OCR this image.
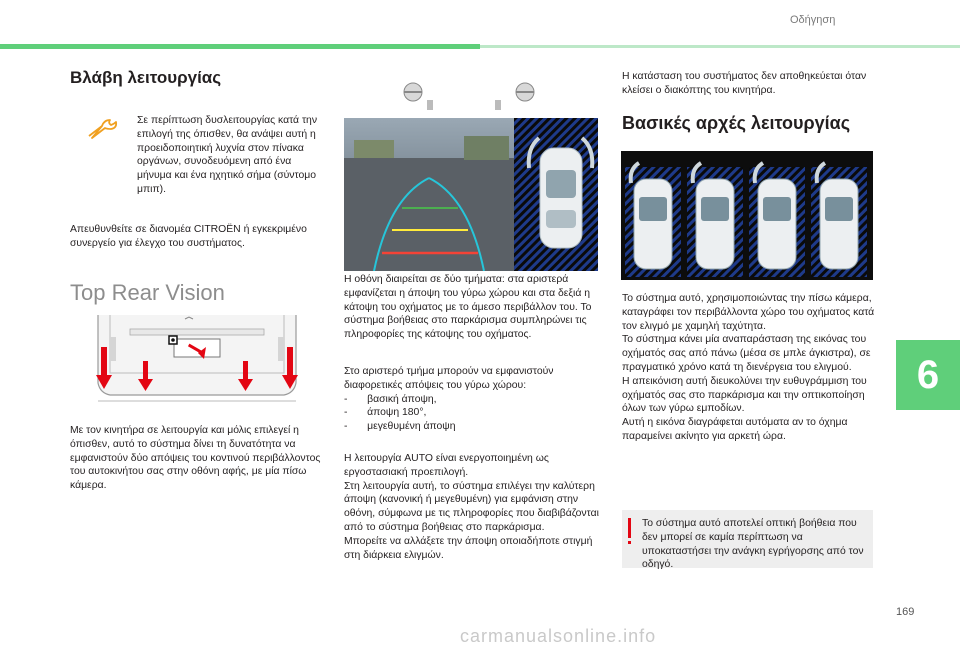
Οδήγηση
Βλάβη λειτουργίας

Σε περίπτωση δυσλειτουργίας κατά την επιλογή της όπισθεν, θα ανάψει αυτή η προειδοποιητική λυχνία στον πίνακα οργάνων, συνοδευόμενη από ένα μήνυμα και ένα ηχητικό σήμα (σύντομο μπιπ).

Απευθυνθείτε σε διανομέα CITROËN ή εγκεκριμένο συνεργείο για έλεγχο του συστήματος.

Top Rear Vision

Με τον κινητήρα σε λειτουργία και μόλις επιλεγεί η όπισθεν, αυτό το σύστημα δίνει τη δυνατότητα να εμφανιστούν δύο απόψεις του κοντινού περιβάλλοντος του αυτοκινήτου σας στην οθόνη αφής, με μία πίσω κάμερα.

Η οθόνη διαιρείται σε δύο τμήματα: στα αριστερά εμφανίζεται η άποψη του γύρω χώρου και στα δεξιά η κάτοψη του οχήματος με το άμεσο περιβάλλον του. Το σύστημα βοήθειας στο παρκάρισμα συμπληρώνει τις πληροφορίες της κάτοψης του οχήματος.

Στο αριστερό τμήμα μπορούν να εμφανιστούν διαφορετικές απόψεις του γύρω χώρου:
-	βασική άποψη,
-	άποψη 180°,
-	μεγεθυμένη άποψη

Η λειτουργία AUTO είναι ενεργοποιημένη ως εργοστασιακή προεπιλογή.
Στη λειτουργία αυτή, το σύστημα επιλέγει την καλύτερη άποψη (κανονική ή μεγεθυμένη) για εμφάνιση στην οθόνη, σύμφωνα με τις πληροφορίες που διαβιβάζονται από το σύστημα βοήθειας στο παρκάρισμα.
Μπορείτε να αλλάξετε την άποψη οποιαδήποτε στιγμή στη διάρκεια ελιγμών.

Η κατάσταση του συστήματος δεν αποθηκεύεται όταν κλείσει ο διακόπτης του κινητήρα.

Βασικές αρχές λειτουργίας

Το σύστημα αυτό, χρησιμοποιώντας την πίσω κάμερα, καταγράφει τον περιβάλλοντα χώρο του οχήματος κατά τον ελιγμό με χαμηλή ταχύτητα.
Το σύστημα κάνει μία αναπαράσταση της εικόνας του οχήματός σας από πάνω (μέσα σε μπλε άγκιστρα), σε πραγματικό χρόνο κατά τη διενέργεια του ελιγμού.
Η απεικόνιση αυτή διευκολύνει την ευθυγράμμιση του οχήματός σας στο παρκάρισμα και την οπτικοποίηση όλων των γύρω εμποδίων.
Αυτή η εικόνα διαγράφεται αυτόματα αν το όχημα παραμείνει ακίνητο για αρκετή ώρα.

Το σύστημα αυτό αποτελεί οπτική βοήθεια που δεν μπορεί σε καμία περίπτωση να υποκαταστήσει την ανάγκη εγρήγορσης από τον οδηγό.

6
169
carmanualsonline.info
